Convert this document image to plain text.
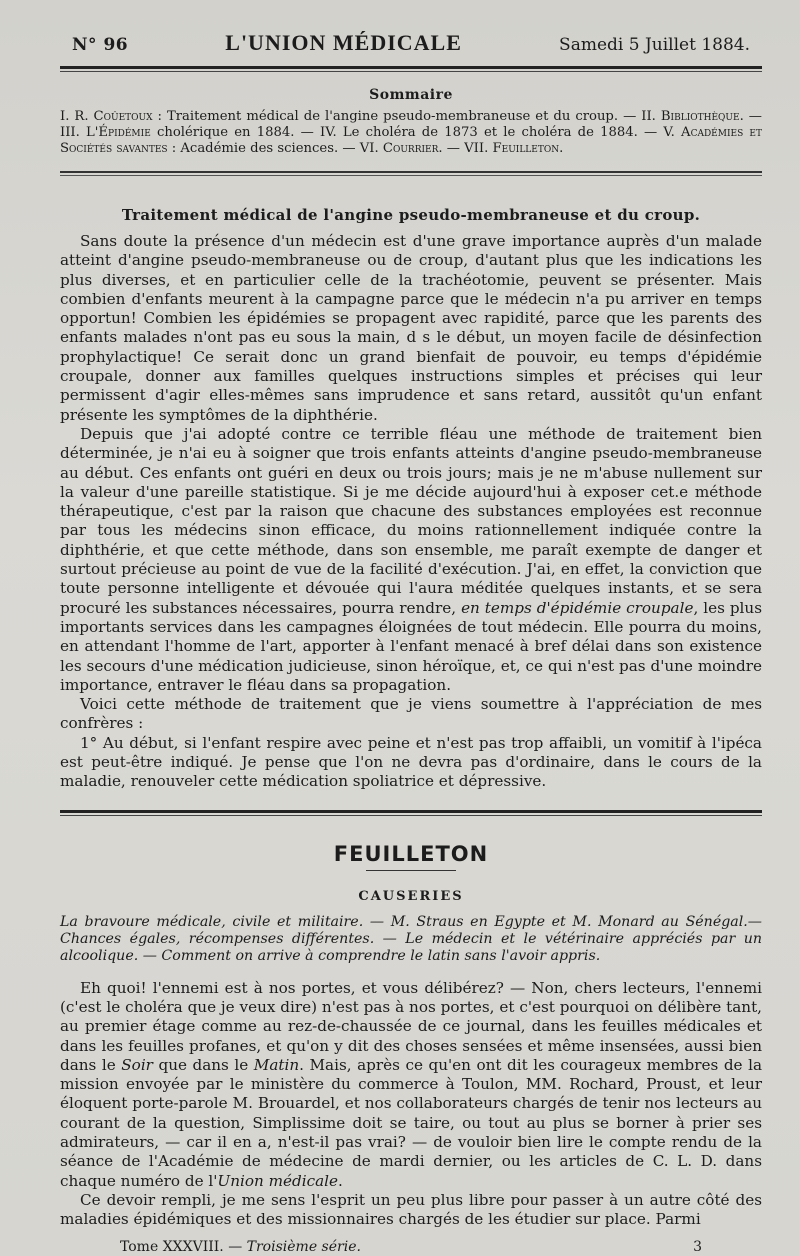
N° 96	L'UNION MÉDICALE	Samedi 5 Juillet 1884.
Sommaire
I. R. Coûetoux : Traitement médical de l'angine pseudo-membraneuse et du croup. — II. Bibliothèque. — III. L'Épidémie cholérique en 1884. — IV. Le choléra de 1873 et le choléra de 1884. — V. Académies et Sociétés savantes : Académie des sciences. — VI. Courrier. — VII. Feuilleton.
Traitement médical de l'angine pseudo-membraneuse et du croup.

Sans doute la présence d'un médecin est d'une grave importance auprès d'un malade atteint d'angine pseudo-membraneuse ou de croup, d'autant plus que les indications les plus diverses, et en particulier celle de la trachéotomie, peuvent se présenter. Mais combien d'enfants meurent à la campagne parce que le médecin n'a pu arriver en temps opportun! Combien les épidémies se propagent avec rapidité, parce que les parents des enfants malades n'ont pas eu sous la main, d s le début, un moyen facile de désinfection prophylactique! Ce serait donc un grand bienfait de pouvoir, eu temps d'épidémie croupale, donner aux familles quelques instructions simples et précises qui leur permissent d'agir elles-mêmes sans imprudence et sans retard, aussitôt qu'un enfant présente les symptômes de la diphthérie.

Depuis que j'ai adopté contre ce terrible fléau une méthode de traitement bien déterminée, je n'ai eu à soigner que trois enfants atteints d'angine pseudo-membraneuse au début. Ces enfants ont guéri en deux ou trois jours; mais je ne m'abuse nullement sur la valeur d'une pareille statistique. Si je me décide aujourd'hui à exposer cet.e méthode thérapeutique, c'est par la raison que chacune des substances employées est reconnue par tous les médecins sinon efficace, du moins rationnellement indiquée contre la diphthérie, et que cette méthode, dans son ensemble, me paraît exempte de danger et surtout précieuse au point de vue de la facilité d'exécution. J'ai, en effet, la conviction que toute personne intelligente et dévouée qui l'aura méditée quelques instants, et se sera procuré les substances nécessaires, pourra rendre, en temps d'épidémie croupale, les plus importants services dans les campagnes éloignées de tout médecin. Elle pourra du moins, en attendant l'homme de l'art, apporter à l'enfant menacé à bref délai dans son existence les secours d'une médication judicieuse, sinon héroïque, et, ce qui n'est pas d'une moindre importance, entraver le fléau dans sa propagation.

Voici cette méthode de traitement que je viens soumettre à l'appréciation de mes confrères :

1° Au début, si l'enfant respire avec peine et n'est pas trop affaibli, un vomitif à l'ipéca est peut-être indiqué. Je pense que l'on ne devra pas d'ordinaire, dans le cours de la maladie, renouveler cette médication spoliatrice et dépressive.

FEUILLETON
CAUSERIES
La bravoure médicale, civile et militaire. — M. Straus en Egypte et M. Monard au Sénégal.— Chances égales, récompenses différentes. — Le médecin et le vétérinaire appréciés par un alcoolique. — Comment on arrive à comprendre le latin sans l'avoir appris.

Eh quoi! l'ennemi est à nos portes, et vous délibérez? — Non, chers lecteurs, l'ennemi (c'est le choléra que je veux dire) n'est pas à nos portes, et c'est pourquoi on délibère tant, au premier étage comme au rez-de-chaussée de ce journal, dans les feuilles médicales et dans les feuilles profanes, et qu'on y dit des choses sensées et même insensées, aussi bien dans le Soir que dans le Matin. Mais, après ce qu'en ont dit les courageux membres de la mission envoyée par le ministère du commerce à Toulon, MM. Rochard, Proust, et leur éloquent porte-parole M. Brouardel, et nos collaborateurs chargés de tenir nos lecteurs au courant de la question, Simplissime doit se taire, ou tout au plus se borner à prier ses admirateurs, — car il en a, n'est-il pas vrai? — de vouloir bien lire le compte rendu de la séance de l'Académie de médecine de mardi dernier, ou les articles de C. L. D. dans chaque numéro de l'Union médicale.

Ce devoir rempli, je me sens l'esprit un peu plus libre pour passer à un autre côté des maladies épidémiques et des missionnaires chargés de les étudier sur place. Parmi

Tome XXXVIII. — Troisième série.	3
